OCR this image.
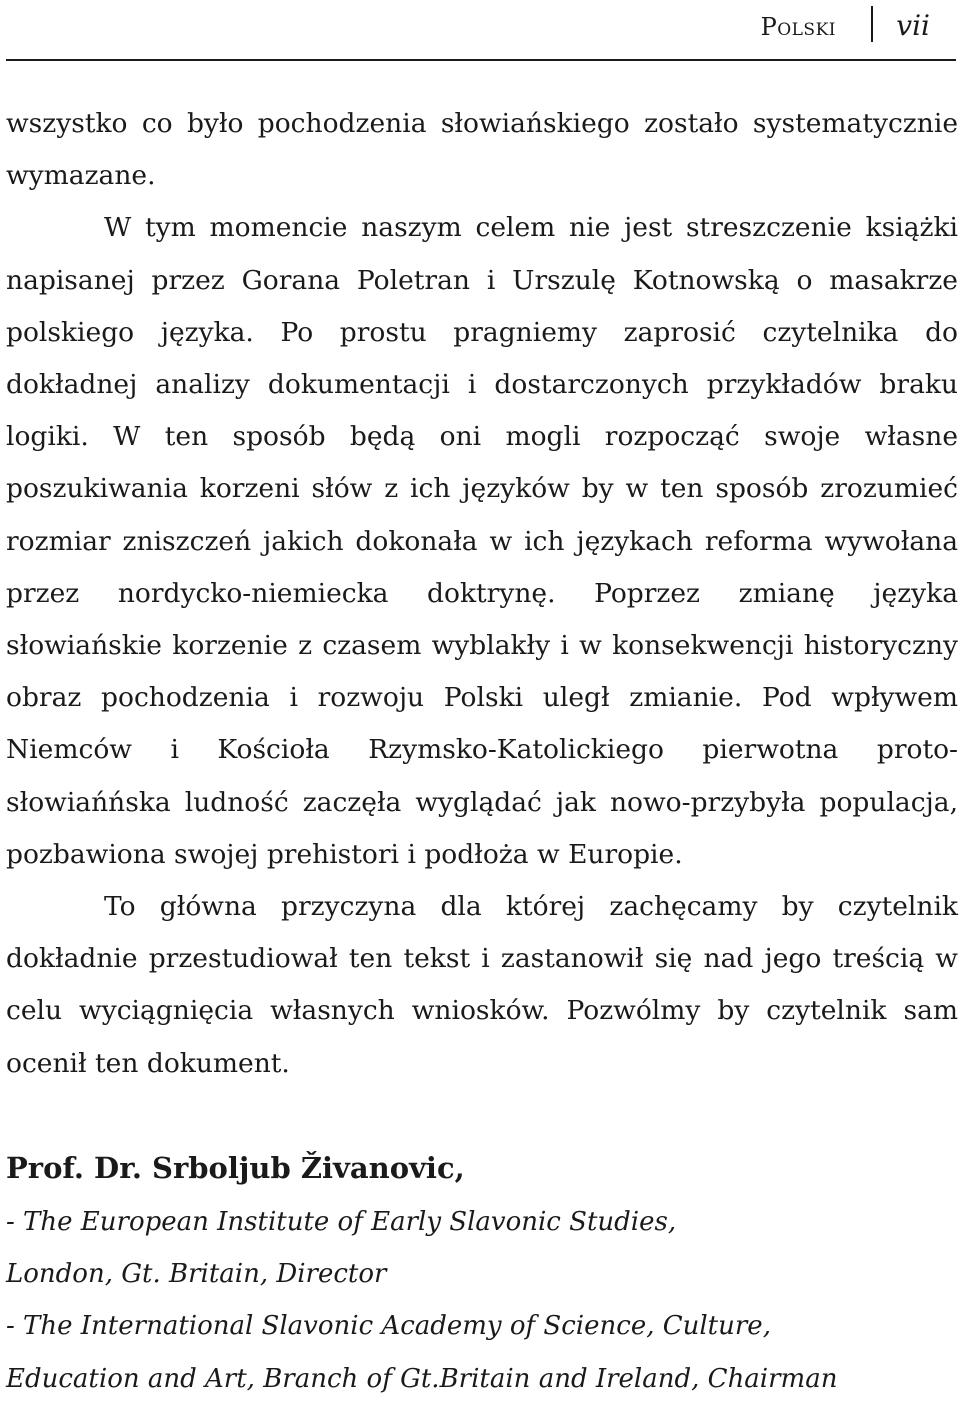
Polski vii

wszystko co było pochodzenia słowiańskiego zostało systematycznie wymazane.

W tym momencie naszym celem nie jest streszczenie książki napisanej przez Gorana Poletran i Urszulę Kotnowską o masakrze polskiego języka. Po prostu pragniemy zaprosić czytelnika do dokładnej analizy dokumentacji i dostarczonych przykładów braku logiki. W ten sposób będą oni mogli rozpocząć swoje własne poszukiwania korzeni słów z ich języków by w ten sposób zrozumieć rozmiar zniszczeń jakich dokonała w ich językach reforma wywołana przez nordycko-niemiecka doktrynę. Poprzez zmianę języka słowiańskie korzenie z czasem wyblakły i w konsekwencji historyczny obraz pochodzenia i rozwoju Polski uległ zmianie. Pod wpływem Niemców i Kościoła Rzymsko-Katolickiego pierwotna proto-słowiańńska ludność zaczęła wyglądać jak nowo-przybyła populacja, pozbawiona swojej prehistori i podłoża w Europie.

To główna przyczyna dla której zachęcamy by czytelnik dokładnie przestudiował ten tekst i zastanowił się nad jego treścią w celu wyciągnięcia własnych wniosków. Pozwólmy by czytelnik sam ocenił ten dokument.

Prof. Dr. Srboljub Živanovic,

- The European Institute of Early Slavonic Studies,

London, Gt. Britain, Director

- The International Slavonic Academy of Science, Culture,

Education and Art, Branch of Gt.Britain and Ireland, Chairman
